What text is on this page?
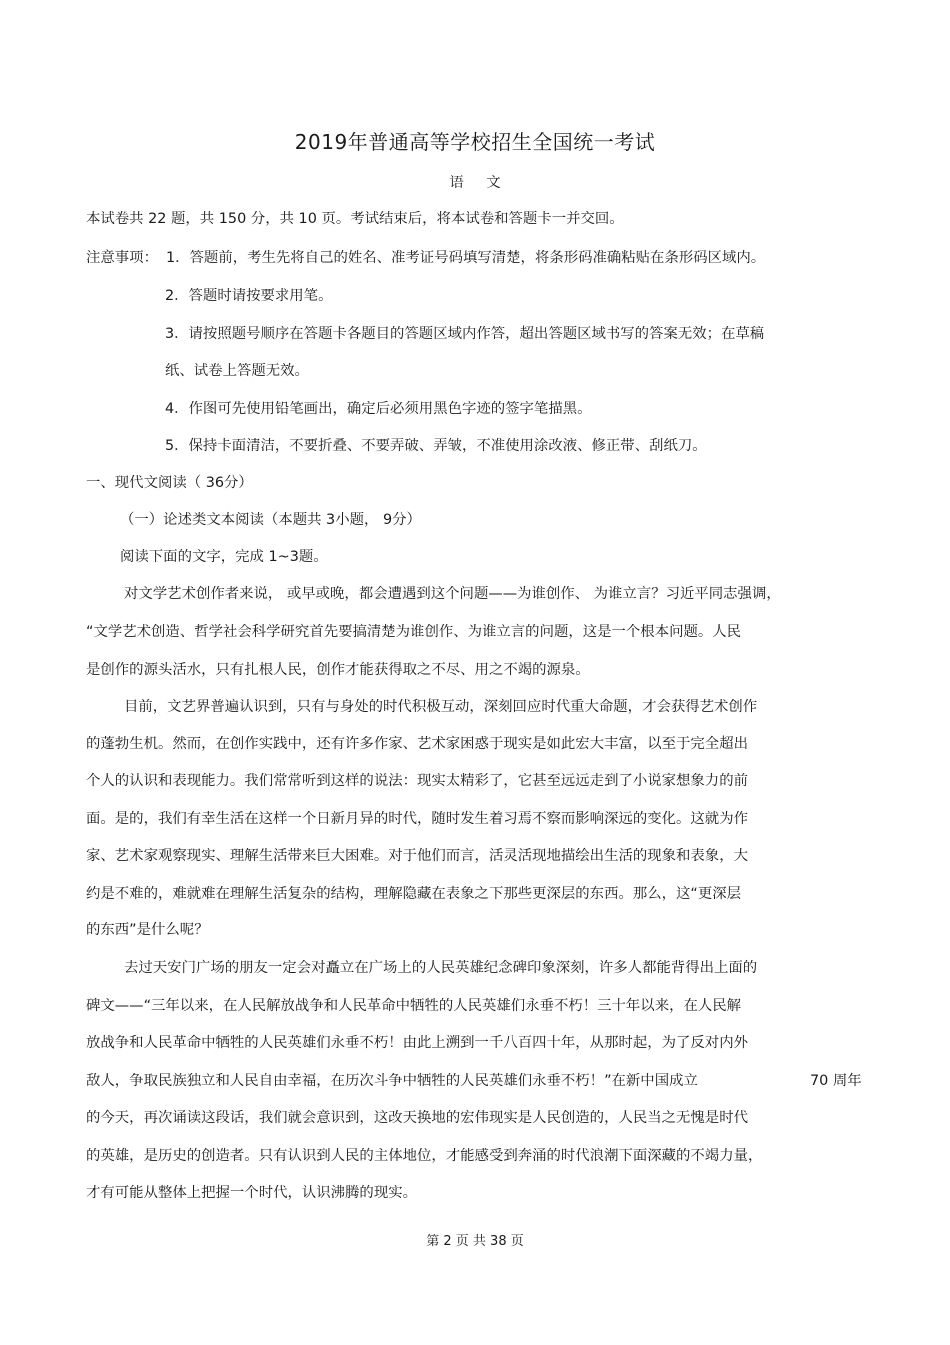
2019年普通高等学校招生全国统一考试
语 文
本试卷共 22 题，共 150 分，共 10 页。考试结束后，将本试卷和答题卡一并交回。
注意事项： 1．答题前，考生先将自己的姓名、准考证号码填写清楚，将条形码准确粘贴在条形码区域内。
2．答题时请按要求用笔。
3．请按照题号顺序在答题卡各题目的答题区域内作答，超出答题区域书写的答案无效；在草稿
纸、试卷上答题无效。
4．作图可先使用铅笔画出，确定后必须用黑色字迹的签字笔描黑。
5．保持卡面清洁，不要折叠、不要弄破、弄皱，不准使用涂改液、修正带、刮纸刀。
一、现代文阅读（ 36分）
（一）论述类文本阅读（本题共 3小题， 9分）
阅读下面的文字，完成 1~3题。
对文学艺术创作者来说， 或早或晚，都会遭遇到这个问题——为谁创作、 为谁立言？习近平同志强调，
“文学艺术创造、哲学社会科学研究首先要搞清楚为谁创作、为谁立言的问题，这是一个根本问题。人民
是创作的源头活水，只有扎根人民，创作才能获得取之不尽、用之不竭的源泉。
目前，文艺界普遍认识到，只有与身处的时代积极互动，深刻回应时代重大命题，才会获得艺术创作
的蓬勃生机。然而，在创作实践中，还有许多作家、艺术家困惑于现实是如此宏大丰富，以至于完全超出
个人的认识和表现能力。我们常常听到这样的说法：现实太精彩了，它甚至远远走到了小说家想象力的前
面。是的，我们有幸生活在这样一个日新月异的时代，随时发生着习焉不察而影响深远的变化。这就为作
家、艺术家观察现实、理解生活带来巨大困难。对于他们而言，活灵活现地描绘出生活的现象和表象，大
约是不难的，难就难在理解生活复杂的结构，理解隐藏在表象之下那些更深层的东西。那么，这“更深层
的东西”是什么呢？
去过天安门广场的朋友一定会对矗立在广场上的人民英雄纪念碑印象深刻，许多人都能背得出上面的
碑文——“三年以来，在人民解放战争和人民革命中牺牲的人民英雄们永垂不朽！三十年以来，在人民解
放战争和人民革命中牺牲的人民英雄们永垂不朽！由此上溯到一千八百四十年，从那时起，为了反对内外
敌人，争取民族独立和人民自由幸福，在历次斗争中牺牲的人民英雄们永垂不朽！”在新中国成立	70 周年
的今天，再次诵读这段话，我们就会意识到，这改天换地的宏伟现实是人民创造的，人民当之无愧是时代
的英雄，是历史的创造者。只有认识到人民的主体地位，才能感受到奔涌的时代浪潮下面深藏的不竭力量，
才有可能从整体上把握一个时代，认识沸腾的现实。
第 2 页 共 38 页
